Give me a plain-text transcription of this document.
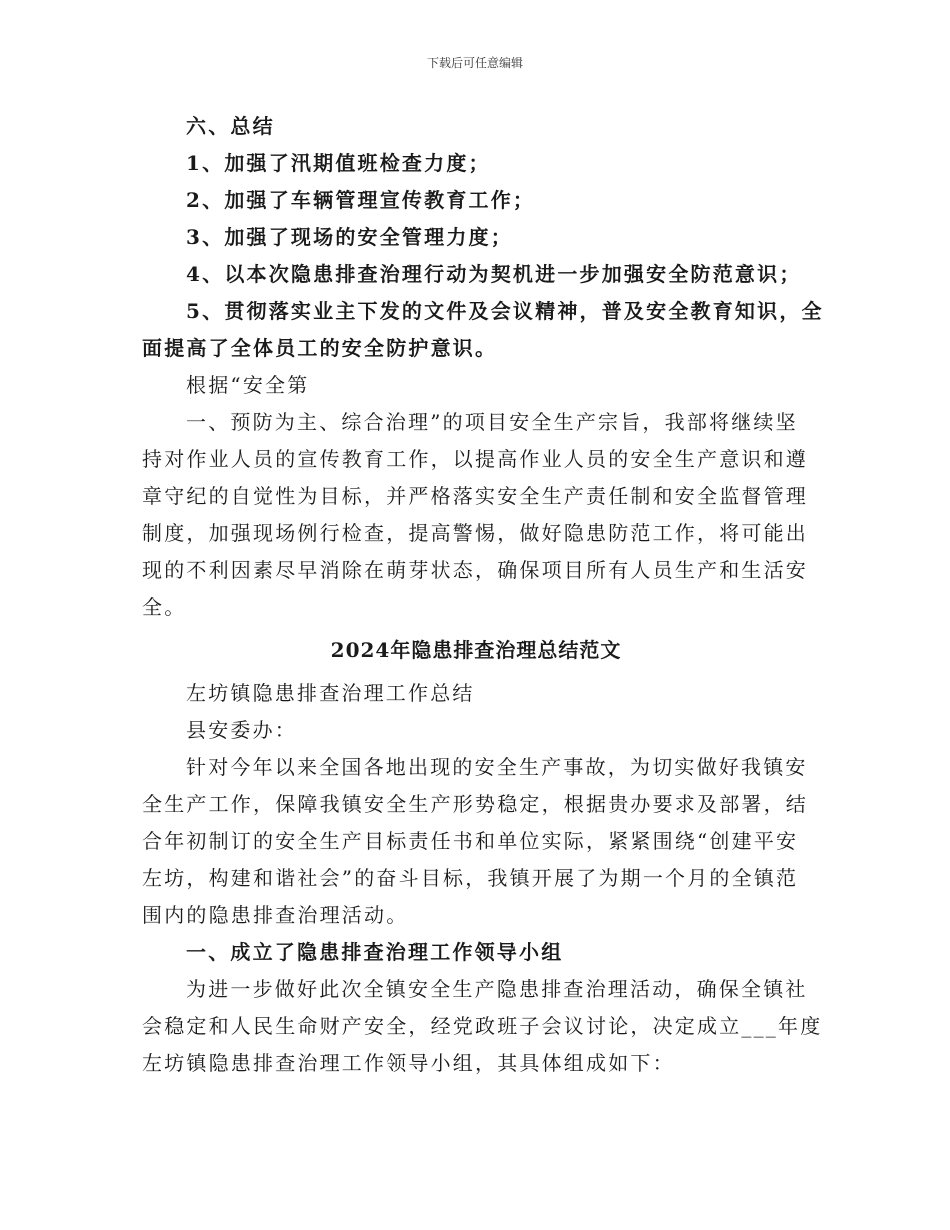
下载后可任意编辑

六、总结

1、加强了汛期值班检查力度；

2、加强了车辆管理宣传教育工作；

3、加强了现场的安全管理力度；

4、以本次隐患排查治理行动为契机进一步加强安全防范意识；

5、贯彻落实业主下发的文件及会议精神，普及安全教育知识，全

面提高了全体员工的安全防护意识。

根据“安全第

一、预防为主、综合治理”的项目安全生产宗旨，我部将继续坚

持对作业人员的宣传教育工作，以提高作业人员的安全生产意识和遵

章守纪的自觉性为目标，并严格落实安全生产责任制和安全监督管理

制度，加强现场例行检查，提高警惕，做好隐患防范工作，将可能出

现的不利因素尽早消除在萌芽状态，确保项目所有人员生产和生活安

全。

2024年隐患排查治理总结范文

左坊镇隐患排查治理工作总结

县安委办：

针对今年以来全国各地出现的安全生产事故，为切实做好我镇安

全生产工作，保障我镇安全生产形势稳定，根据贵办要求及部署，结

合年初制订的安全生产目标责任书和单位实际，紧紧围绕“创建平安

左坊，构建和谐社会”的奋斗目标，我镇开展了为期一个月的全镇范

围内的隐患排查治理活动。

一、成立了隐患排查治理工作领导小组

为进一步做好此次全镇安全生产隐患排查治理活动，确保全镇社

会稳定和人民生命财产安全，经党政班子会议讨论，决定成立___年度

左坊镇隐患排查治理工作领导小组，其具体组成如下：
